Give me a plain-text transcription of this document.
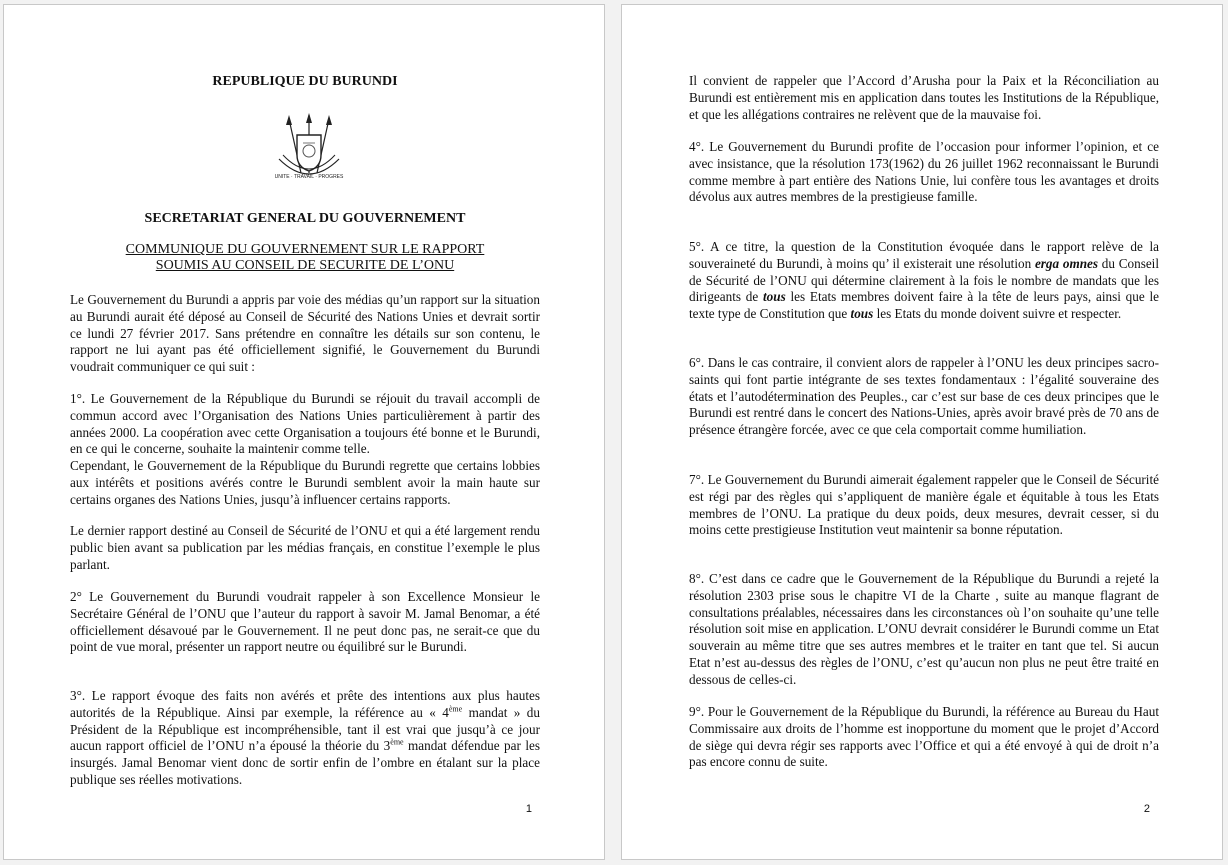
REPUBLIQUE DU BURUNDI

UNITE · TRAVAIL · PROGRES

SECRETARIAT GENERAL DU GOUVERNEMENT

COMMUNIQUE DU GOUVERNEMENT SUR LE RAPPORT

SOUMIS AU CONSEIL DE SECURITE DE L’ONU

Le Gouvernement du Burundi a appris par voie des médias qu’un rapport sur la situation au Burundi aurait été déposé au Conseil de Sécurité des Nations Unies et devrait sortir ce lundi 27 février 2017. Sans prétendre en connaître les détails sur son contenu, le rapport ne lui ayant pas été officiellement signifié, le Gouvernement du Burundi voudrait communiquer ce qui suit :

1°. Le Gouvernement de la République du Burundi se réjouit du travail accompli de commun accord avec l’Organisation des Nations Unies particulièrement à partir des années 2000. La coopération avec cette Organisation a toujours été bonne et le Burundi, en ce qui le concerne, souhaite la maintenir comme telle.

Cependant, le Gouvernement de la République du Burundi regrette que certains lobbies aux intérêts et positions avérés contre le Burundi semblent avoir la main haute sur certains organes des Nations Unies, jusqu’à influencer certains rapports.

Le dernier rapport destiné au Conseil de Sécurité de l’ONU et qui a été largement rendu public bien avant sa publication par les médias français, en constitue l’exemple le plus parlant.

2° Le Gouvernement du Burundi voudrait rappeler à son Excellence Monsieur le Secrétaire Général de l’ONU que l’auteur du rapport à savoir M. Jamal Benomar, a été officiellement désavoué par le Gouvernement. Il ne peut donc pas, ne serait-ce que du point de vue moral, présenter un rapport neutre ou équilibré sur le Burundi.

3°. Le rapport évoque des faits non avérés et prête des intentions aux plus hautes autorités de la République. Ainsi par exemple, la référence au « 4ème mandat » du Président de la République est incompréhensible, tant il est vrai que jusqu’à ce jour aucun rapport officiel de l’ONU n’a épousé la théorie du 3ème mandat défendue par les insurgés. Jamal Benomar vient donc de sortir enfin de l’ombre en étalant sur la place publique ses réelles motivations.

1

Il convient de rappeler que l’Accord d’Arusha pour la Paix et la Réconciliation au Burundi est entièrement mis en application dans toutes les Institutions de la République, et que les allégations contraires ne relèvent que de la mauvaise foi.

4°. Le Gouvernement du Burundi profite de l’occasion pour informer l’opinion, et ce avec insistance, que la résolution 173(1962) du 26 juillet 1962 reconnaissant le Burundi comme membre à part entière des Nations Unie, lui confère tous les avantages et droits dévolus aux autres membres de la prestigieuse famille.

5°. A ce titre, la question de la Constitution évoquée dans le rapport relève de la souveraineté du Burundi, à moins qu’ il existerait une résolution erga omnes du Conseil de Sécurité de l’ONU qui détermine clairement à la fois le nombre de mandats que les dirigeants de tous les Etats membres doivent faire à la tête de leurs pays, ainsi que le texte type de Constitution que tous les Etats du monde doivent suivre et respecter.

6°. Dans le cas contraire, il convient alors de rappeler à l’ONU les deux principes sacro-saints qui font partie intégrante de ses textes fondamentaux : l’égalité souveraine des états et l’autodétermination des Peuples., car c’est sur base de ces deux principes que le Burundi est rentré dans le concert des Nations-Unies, après avoir bravé près de 70 ans de présence étrangère forcée, avec ce que cela comportait comme humiliation.

7°. Le Gouvernement du Burundi aimerait également rappeler que le Conseil de Sécurité est régi par des règles qui s’appliquent de manière égale et équitable à tous les Etats membres de l’ONU. La pratique du deux poids, deux mesures, devrait cesser, si du moins cette prestigieuse Institution veut maintenir sa bonne réputation.

8°. C’est dans ce cadre que le Gouvernement de la République du Burundi a rejeté la résolution 2303 prise sous le chapitre VI de la Charte , suite au manque flagrant de consultations préalables, nécessaires dans les circonstances où l’on souhaite qu’une telle résolution soit mise en application. L’ONU devrait considérer le Burundi comme un Etat souverain au même titre que ses autres membres et le traiter en tant que tel. Si aucun Etat n’est au-dessus des règles de l’ONU, c’est qu’aucun non plus ne peut être traité en dessous de celles-ci.

9°. Pour le Gouvernement de la République du Burundi, la référence au Bureau du Haut Commissaire aux droits de l’homme est inopportune du moment que le projet d’Accord de siège qui devra régir ses rapports avec l’Office et qui a été envoyé à qui de droit n’a pas encore connu de suite.

2
